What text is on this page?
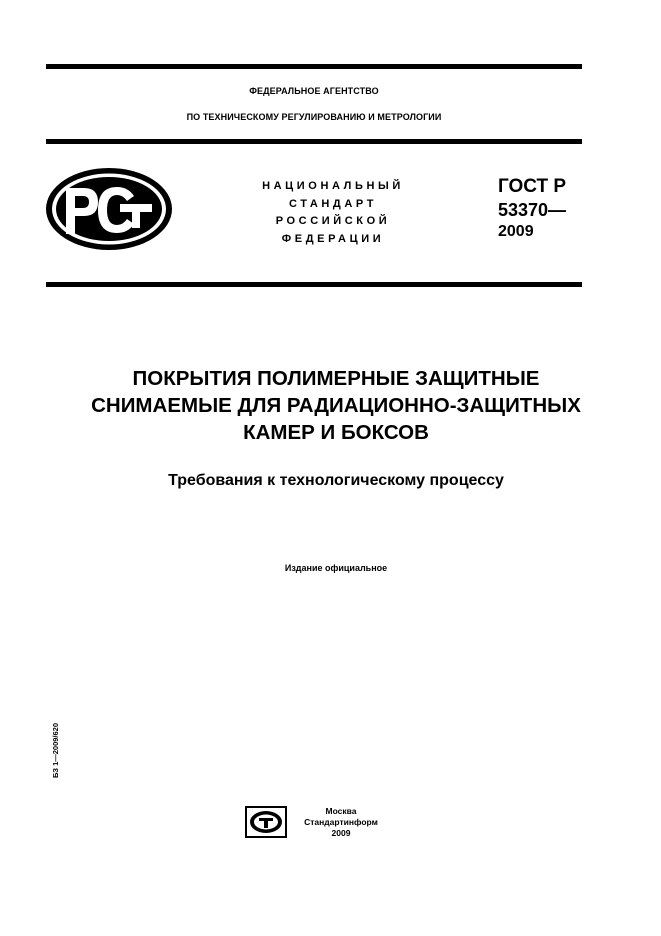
ФЕДЕРАЛЬНОЕ АГЕНТСТВО
ПО ТЕХНИЧЕСКОМУ РЕГУЛИРОВАНИЮ И МЕТРОЛОГИИ
НАЦИОНАЛЬНЫЙ
СТАНДАРТ
РОССИЙСКОЙ
ФЕДЕРАЦИИ
ГОСТ Р
53370—
2009
ПОКРЫТИЯ ПОЛИМЕРНЫЕ ЗАЩИТНЫЕ
СНИМАЕМЫЕ ДЛЯ РАДИАЦИОННО-ЗАЩИТНЫХ
КАМЕР И БОКСОВ
Требования к технологическому процессу
Издание официальное
БЗ 1—2009/620
Москва
Стандартинформ
2009
